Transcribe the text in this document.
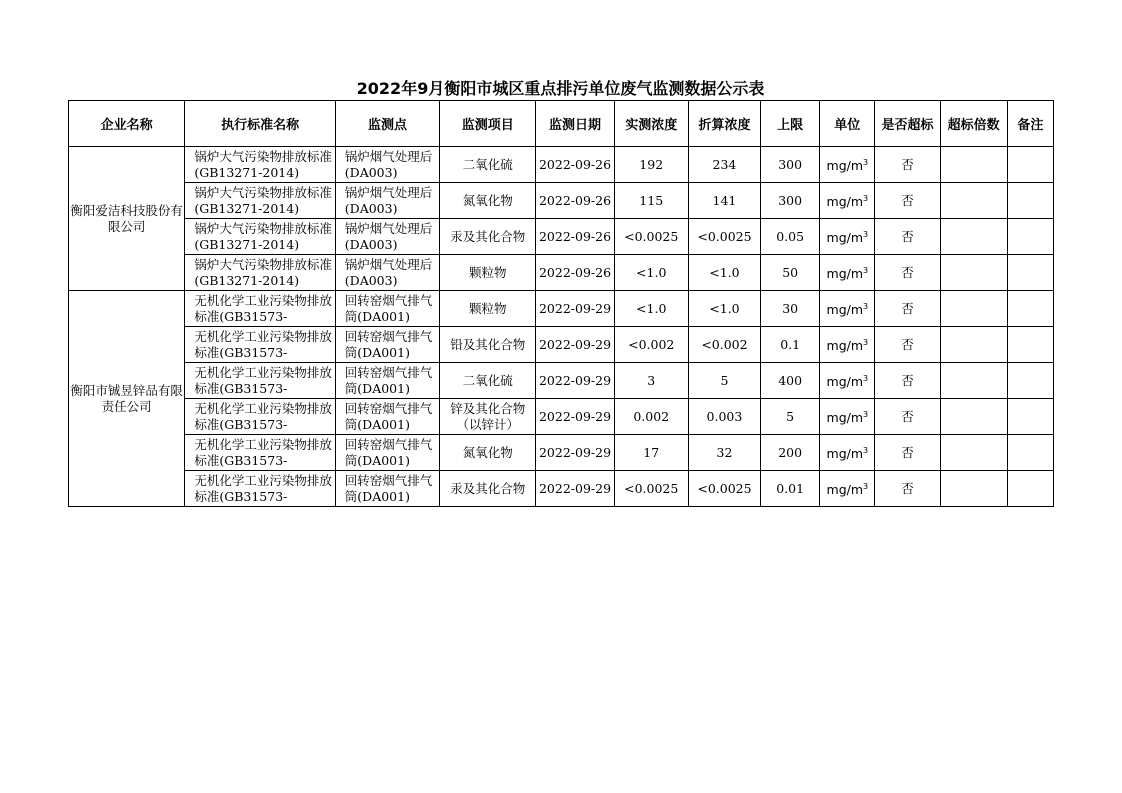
2022年9月衡阳市城区重点排污单位废气监测数据公示表
企业名称	执行标准名称	监测点	监测项目	监测日期	实测浓度	折算浓度	上限	单位	是否超标	超标倍数	备注
衡阳爱洁科技股份有限公司	锅炉大气污染物排放标准(GB13271-2014)	锅炉烟气处理后(DA003)	二氧化硫	2022-09-26	192	234	300	$mg/m^3$	否		

	锅炉大气污染物排放标准(GB13271-2014)	锅炉烟气处理后(DA003)	氮氧化物	2022-09-26	115	141	300	$mg/m^3$	否		

	锅炉大气污染物排放标准(GB13271-2014)	锅炉烟气处理后(DA003)	汞及其化合物	2022-09-26	<0.0025	<0.0025	0.05	$mg/m^3$	否		

	锅炉大气污染物排放标准(GB13271-2014)	锅炉烟气处理后(DA003)	颗粒物	2022-09-26	<1.0	<1.0	50	$mg/m^3$	否		
衡阳市铖昱锌品有限责任公司	无机化学工业污染物排放标准(GB31573-	回转窑烟气排气筒(DA001)	颗粒物	2022-09-29	<1.0	<1.0	30	$mg/m^3$	否		

	无机化学工业污染物排放标准(GB31573-	回转窑烟气排气筒(DA001)	铅及其化合物	2022-09-29	<0.002	<0.002	0.1	$mg/m^3$	否		

	无机化学工业污染物排放标准(GB31573-	回转窑烟气排气筒(DA001)	二氧化硫	2022-09-29	3	5	400	$mg/m^3$	否		

	无机化学工业污染物排放标准(GB31573-	回转窑烟气排气筒(DA001)	锌及其化合物（以锌计）	2022-09-29	0.002	0.003	5	$mg/m^3$	否		

	无机化学工业污染物排放标准(GB31573-	回转窑烟气排气筒(DA001)	氮氧化物	2022-09-29	17	32	200	$mg/m^3$	否		

	无机化学工业污染物排放标准(GB31573-	回转窑烟气排气筒(DA001)	汞及其化合物	2022-09-29	<0.0025	<0.0025	0.01	$mg/m^3$	否		
